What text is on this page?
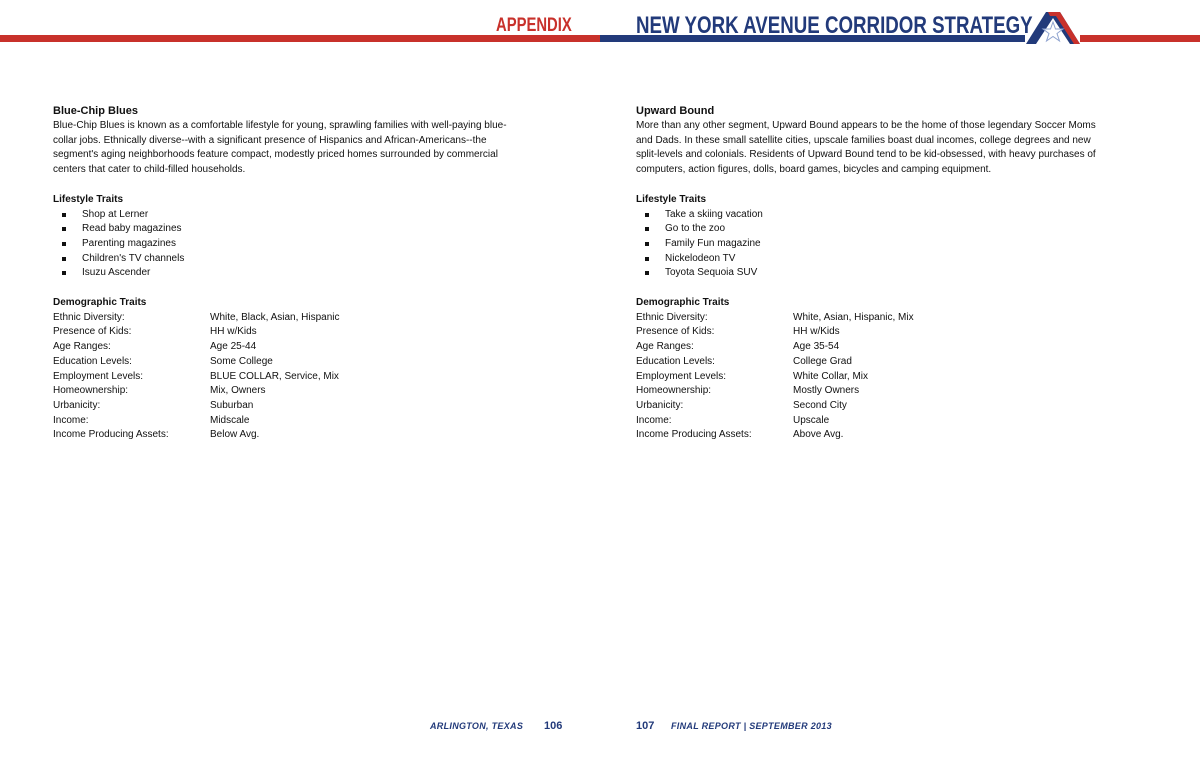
APPENDIX	NEW YORK AVENUE CORRIDOR STRATEGY
Blue-Chip Blues
Blue-Chip Blues is known as a comfortable lifestyle for young, sprawling families with well-paying blue-
collar jobs. Ethnically diverse--with a significant presence of Hispanics and African-Americans--the
segment's aging neighborhoods feature compact, modestly priced homes surrounded by commercial
centers that cater to child-filled households.
Lifestyle Traits
Shop at Lerner
Read baby magazines
Parenting magazines
Children's TV channels
Isuzu Ascender
Demographic Traits
Ethnic Diversity:	White, Black, Asian, Hispanic
Presence of Kids:	HH w/Kids
Age Ranges:	Age 25-44
Education Levels:	Some College
Employment Levels:	BLUE COLLAR, Service, Mix
Homeownership:	Mix, Owners
Urbanicity:	Suburban
Income:	Midscale
Income Producing Assets:	Below Avg.
Upward Bound
More than any other segment, Upward Bound appears to be the home of those legendary Soccer Moms
and Dads. In these small satellite cities, upscale families boast dual incomes, college degrees and new
split-levels and colonials. Residents of Upward Bound tend to be kid-obsessed, with heavy purchases of
computers, action figures, dolls, board games, bicycles and camping equipment.
Lifestyle Traits
Take a skiing vacation
Go to the zoo
Family Fun magazine
Nickelodeon TV
Toyota Sequoia SUV
Demographic Traits
Ethnic Diversity:	White, Asian, Hispanic, Mix
Presence of Kids:	HH w/Kids
Age Ranges:	Age 35-54
Education Levels:	College Grad
Employment Levels:	White Collar, Mix
Homeownership:	Mostly Owners
Urbanicity:	Second City
Income:	Upscale
Income Producing Assets:	Above Avg.
ARLINGTON, TEXAS 106	107 FINAL REPORT | SEPTEMBER 2013
